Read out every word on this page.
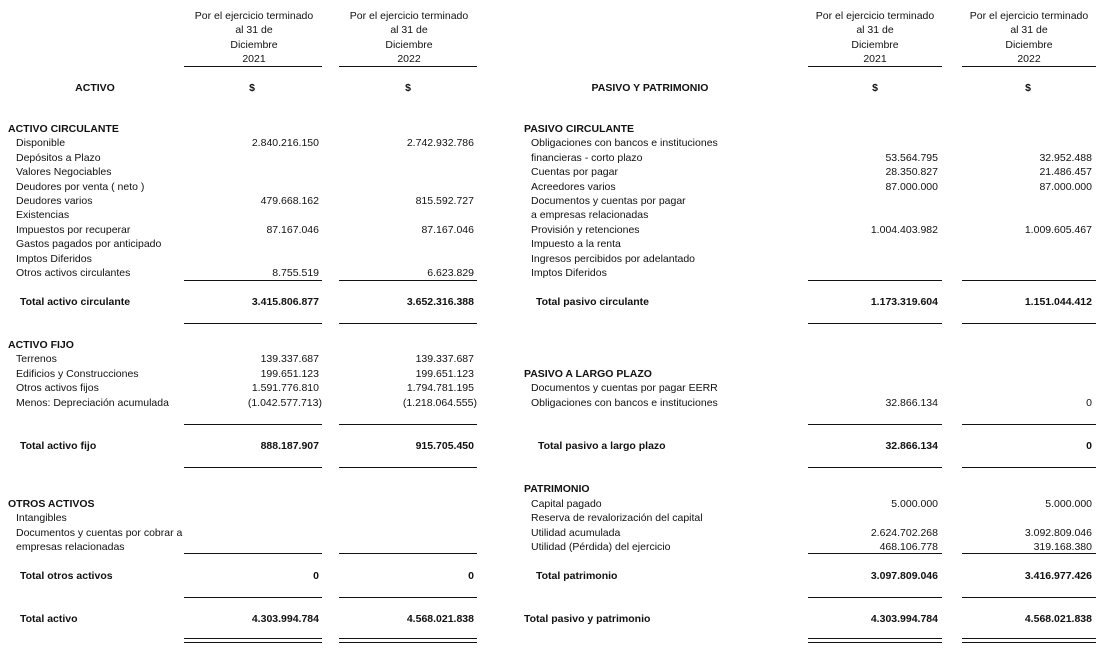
Por el ejercicio terminado
al 31 de
Diciembre
2021
Por el ejercicio terminado
al 31 de
Diciembre
2022
Por el ejercicio terminado
al 31 de
Diciembre
2021
Por el ejercicio terminado
al 31 de
Diciembre
2022
ACTIVO	$	$	PASIVO Y PATRIMONIO	$	$
ACTIVO CIRCULANTE
Disponible	2.840.216.150	2.742.932.786
Depósitos a Plazo
Valores Negociables
Deudores por venta ( neto )
Deudores varios	479.668.162	815.592.727
Existencias
Impuestos por recuperar	87.167.046	87.167.046
Gastos pagados por anticipado
Imptos Diferidos
Otros activos circulantes	8.755.519	6.623.829
Total activo circulante	3.415.806.877	3.652.316.388
ACTIVO FIJO
Terrenos	139.337.687	139.337.687
Edificios y Construcciones	199.651.123	199.651.123
Otros activos fijos	1.591.776.810	1.794.781.195
Menos: Depreciación acumulada	(1.042.577.713)	(1.218.064.555)
Total activo fijo	888.187.907	915.705.450
OTROS ACTIVOS
Intangibles
Documentos y cuentas por cobrar a
empresas relacionadas
Total otros activos	0	0
Total activo	4.303.994.784	4.568.021.838
PASIVO CIRCULANTE
Obligaciones con bancos e instituciones
financieras - corto plazo	53.564.795	32.952.488
Cuentas por pagar	28.350.827	21.486.457
Acreedores varios	87.000.000	87.000.000
Documentos y cuentas por pagar
a empresas relacionadas
Provisión y retenciones	1.004.403.982	1.009.605.467
Impuesto a la renta
Ingresos percibidos por adelantado
Imptos Diferidos
Total pasivo circulante	1.173.319.604	1.151.044.412
PASIVO A LARGO PLAZO
Documentos y cuentas por pagar EERR
Obligaciones con bancos e instituciones	32.866.134	0
Total pasivo a largo plazo	32.866.134	0
PATRIMONIO
Capital pagado	5.000.000	5.000.000
Reserva de revalorización del capital
Utilidad acumulada	2.624.702.268	3.092.809.046
Utilidad (Pérdida) del ejercicio	468.106.778	319.168.380
Total patrimonio	3.097.809.046	3.416.977.426
Total pasivo y patrimonio	4.303.994.784	4.568.021.838
